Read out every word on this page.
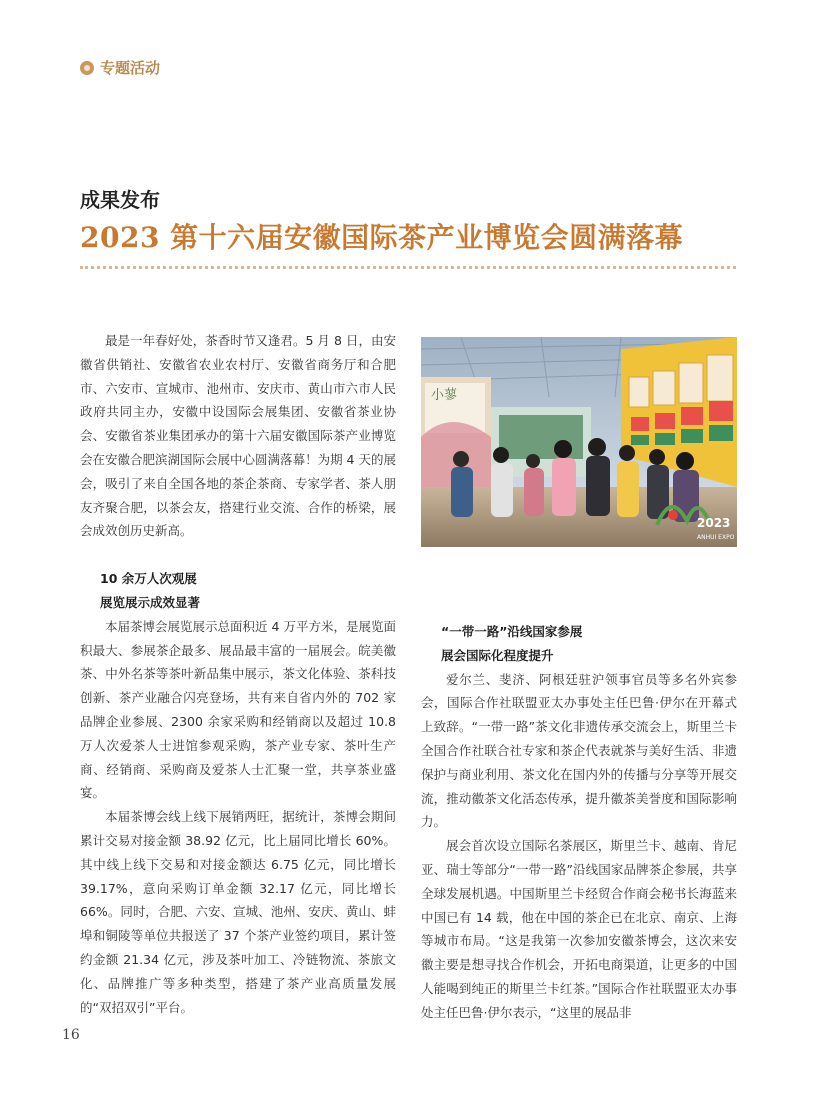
专题活动
成果发布
2023 第十六届安徽国际茶产业博览会圆满落幕

最是一年春好处，茶香时节又逢君。5 月 8 日，由安徽省供销社、安徽省农业农村厅、安徽省商务厅和合肥市、六安市、宣城市、池州市、安庆市、黄山市六市人民政府共同主办，安徽中设国际会展集团、安徽省茶业协会、安徽省茶业集团承办的第十六届安徽国际茶产业博览会在安徽合肥滨湖国际会展中心圆满落幕！为期 4 天的展会，吸引了来自全国各地的茶企茶商、专家学者、茶人朋友齐聚合肥，以茶会友，搭建行业交流、合作的桥梁，展会成效创历史新高。

10 余万人次观展

展览展示成效显著

本届茶博会展览展示总面积近 4 万平方米，是展览面积最大、参展茶企最多、展品最丰富的一届展会。皖美徽茶、中外名茶等茶叶新品集中展示，茶文化体验、茶科技创新、茶产业融合闪亮登场，共有来自省内外的 702 家品牌企业参展、2300 余家采购和经销商以及超过 10.8 万人次爱茶人士进馆参观采购，茶产业专家、茶叶生产商、经销商、采购商及爱茶人士汇聚一堂，共享茶业盛宴。

本届茶博会线上线下展销两旺，据统计，茶博会期间累计交易对接金额 38.92 亿元，比上届同比增长 60%。其中线上线下交易和对接金额达 6.75 亿元，同比增长 39.17%，意向采购订单金额 32.17 亿元，同比增长 66%。同时，合肥、六安、宣城、池州、安庆、黄山、蚌埠和铜陵等单位共报送了 37 个茶产业签约项目，累计签约金额 21.34 亿元，涉及茶叶加工、冷链物流、茶旅文化、品牌推广等多种类型，搭建了茶产业高质量发展的“双招双引”平台。

小蓼
2023
ANHUI EXPO

“一带一路”沿线国家参展

展会国际化程度提升

爱尔兰、斐济、阿根廷驻沪领事官员等多名外宾参会，国际合作社联盟亚太办事处主任巴鲁·伊尔在开幕式上致辞。“一带一路”茶文化非遗传承交流会上，斯里兰卡全国合作社联合社专家和茶企代表就茶与美好生活、非遗保护与商业利用、茶文化在国内外的传播与分享等开展交流，推动徽茶文化活态传承，提升徽茶美誉度和国际影响力。

展会首次设立国际名茶展区，斯里兰卡、越南、肯尼亚、瑞士等部分“一带一路”沿线国家品牌茶企参展，共享全球发展机遇。中国斯里兰卡经贸合作商会秘书长海蓝来中国已有 14 载，他在中国的茶企已在北京、南京、上海等城市布局。“这是我第一次参加安徽茶博会，这次来安徽主要是想寻找合作机会，开拓电商渠道，让更多的中国人能喝到纯正的斯里兰卡红茶。”国际合作社联盟亚太办事处主任巴鲁·伊尔表示，“这里的展品非

16
